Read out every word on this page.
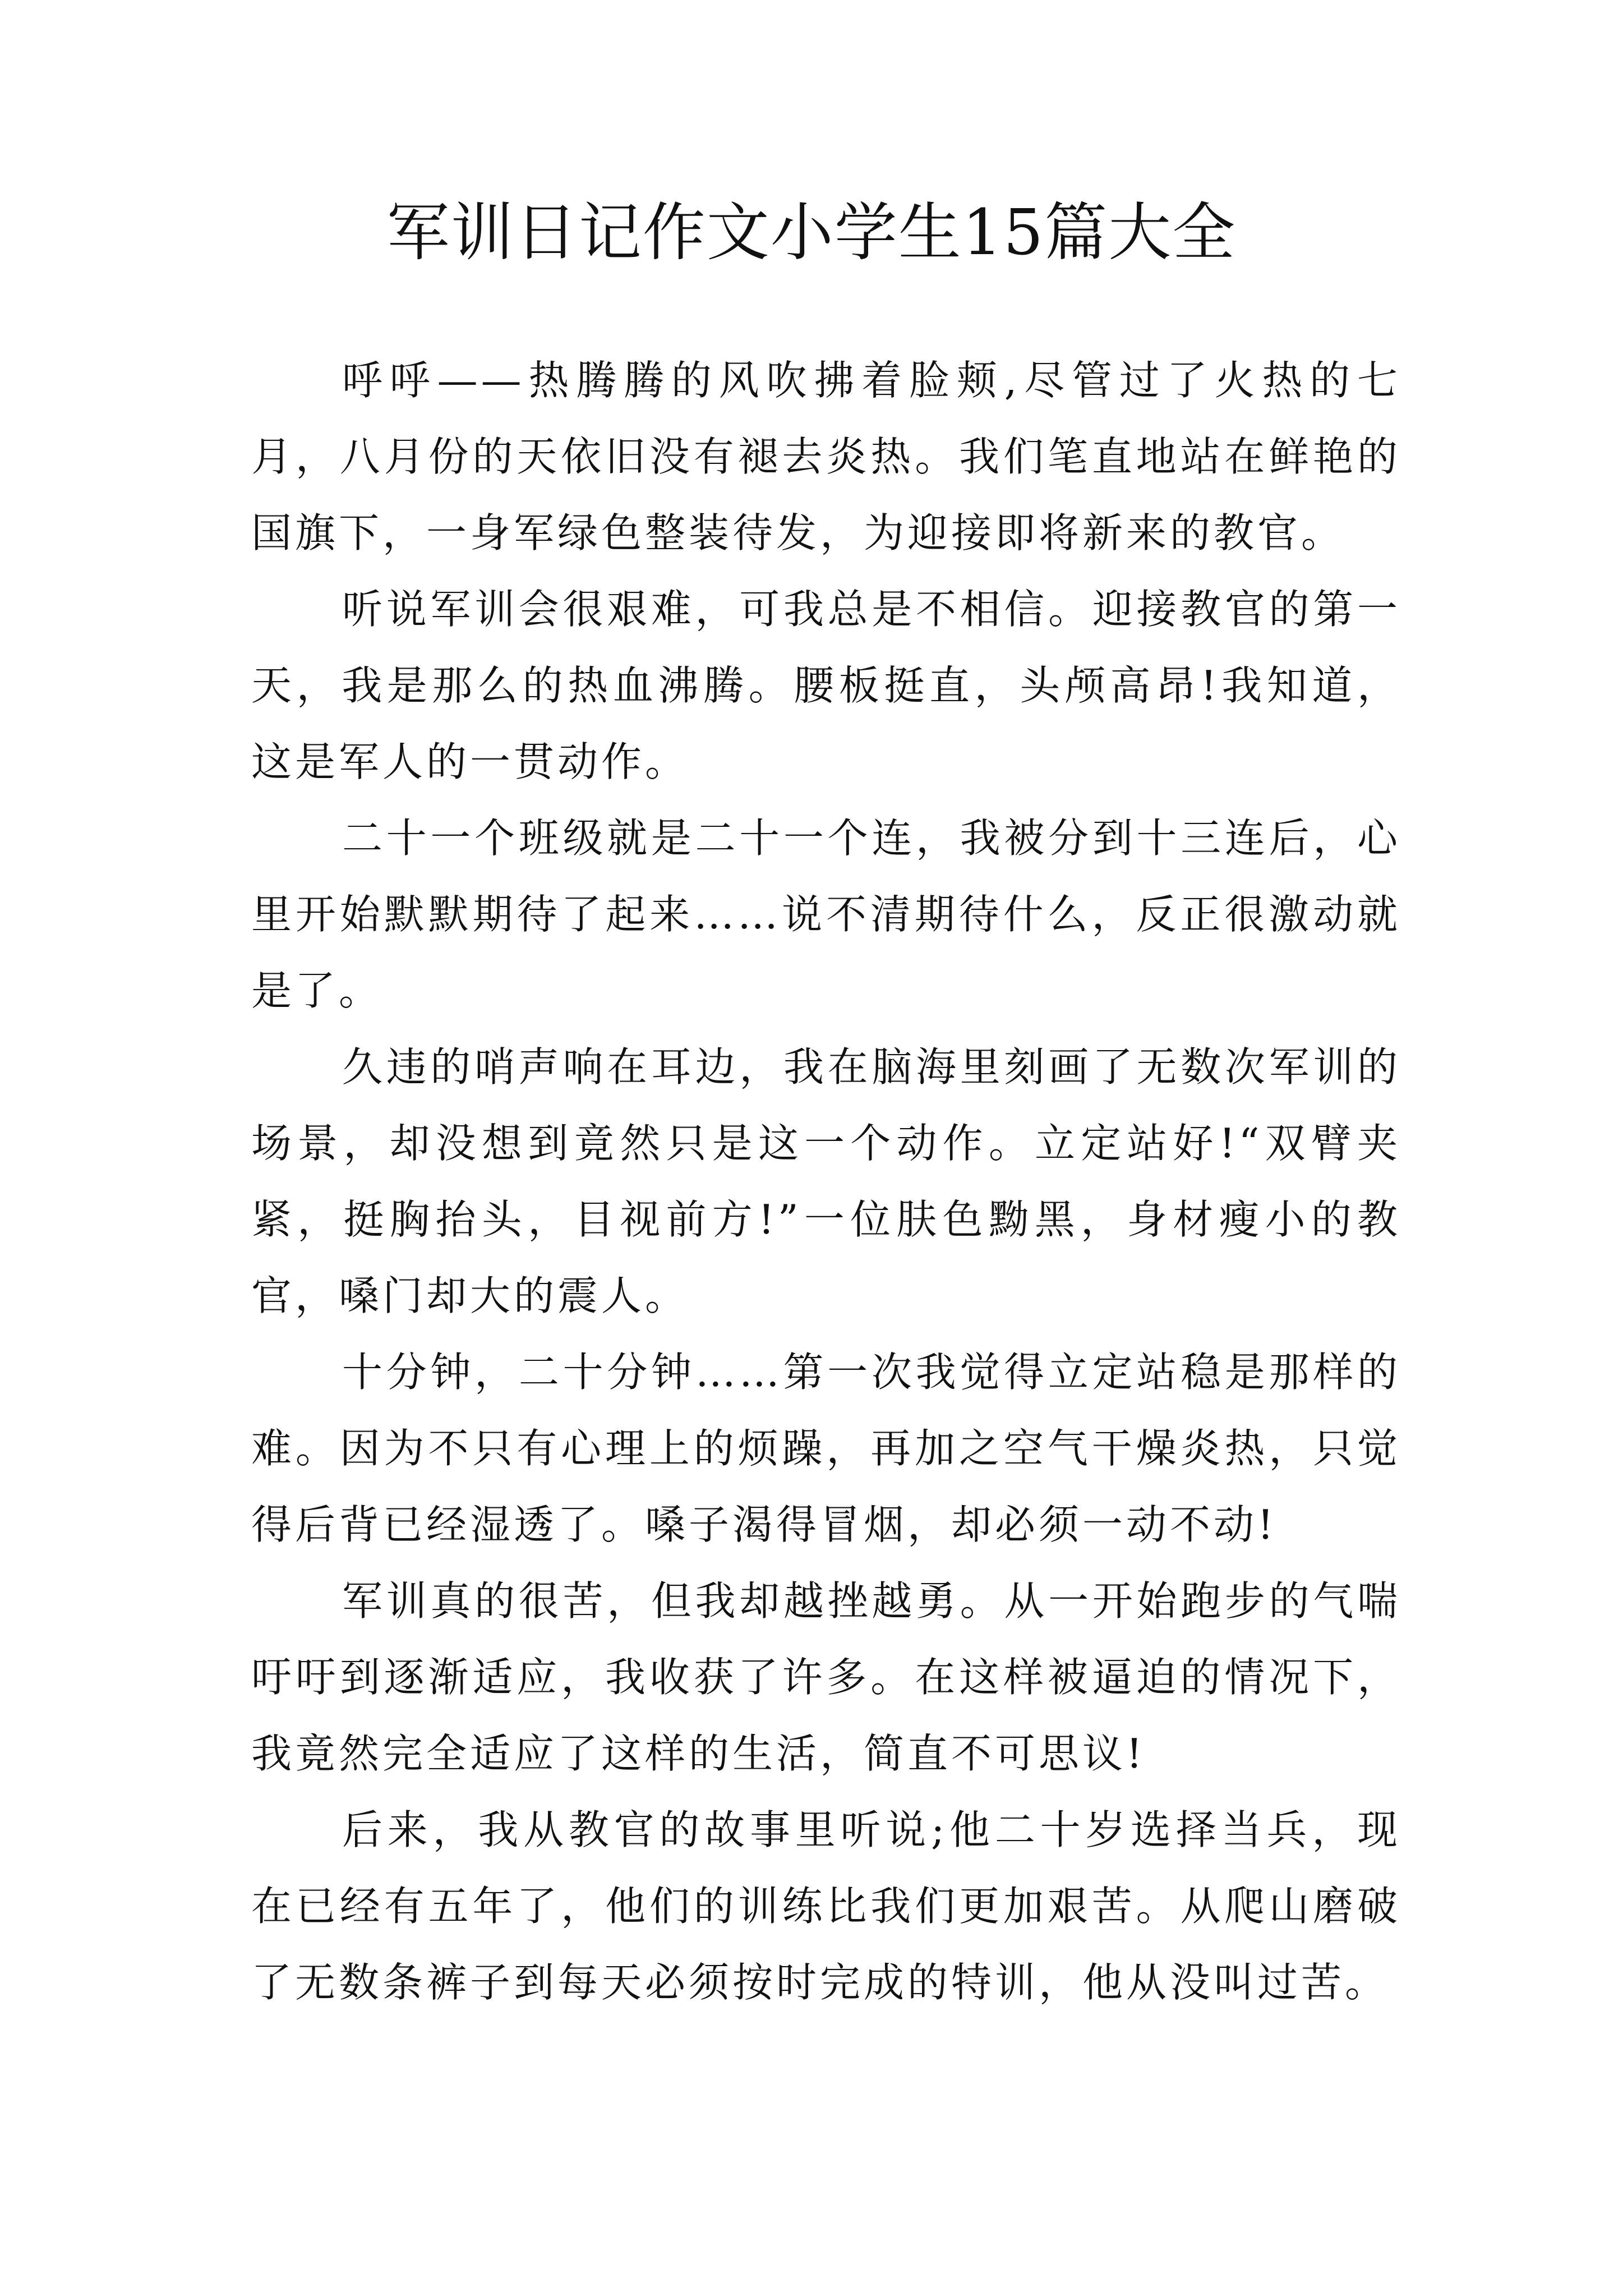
军训日记作文小学生15篇大全

呼呼——热腾腾的风吹拂着脸颊,尽管过了火热的七月，八月份的天依旧没有褪去炎热。我们笔直地站在鲜艳的国旗下，一身军绿色整装待发，为迎接即将新来的教官。

听说军训会很艰难，可我总是不相信。迎接教官的第一天，我是那么的热血沸腾。腰板挺直，头颅高昂!我知道，这是军人的一贯动作。

二十一个班级就是二十一个连，我被分到十三连后，心里开始默默期待了起来……说不清期待什么，反正很激动就是了。

久违的哨声响在耳边，我在脑海里刻画了无数次军训的场景，却没想到竟然只是这一个动作。立定站好!“双臂夹紧，挺胸抬头，目视前方!”一位肤色黝黑，身材瘦小的教官，嗓门却大的震人。

十分钟，二十分钟……第一次我觉得立定站稳是那样的难。因为不只有心理上的烦躁，再加之空气干燥炎热，只觉得后背已经湿透了。嗓子渴得冒烟，却必须一动不动!

军训真的很苦，但我却越挫越勇。从一开始跑步的气喘吁吁到逐渐适应，我收获了许多。在这样被逼迫的情况下，我竟然完全适应了这样的生活，简直不可思议!

后来，我从教官的故事里听说;他二十岁选择当兵，现在已经有五年了，他们的训练比我们更加艰苦。从爬山磨破了无数条裤子到每天必须按时完成的特训，他从没叫过苦。
